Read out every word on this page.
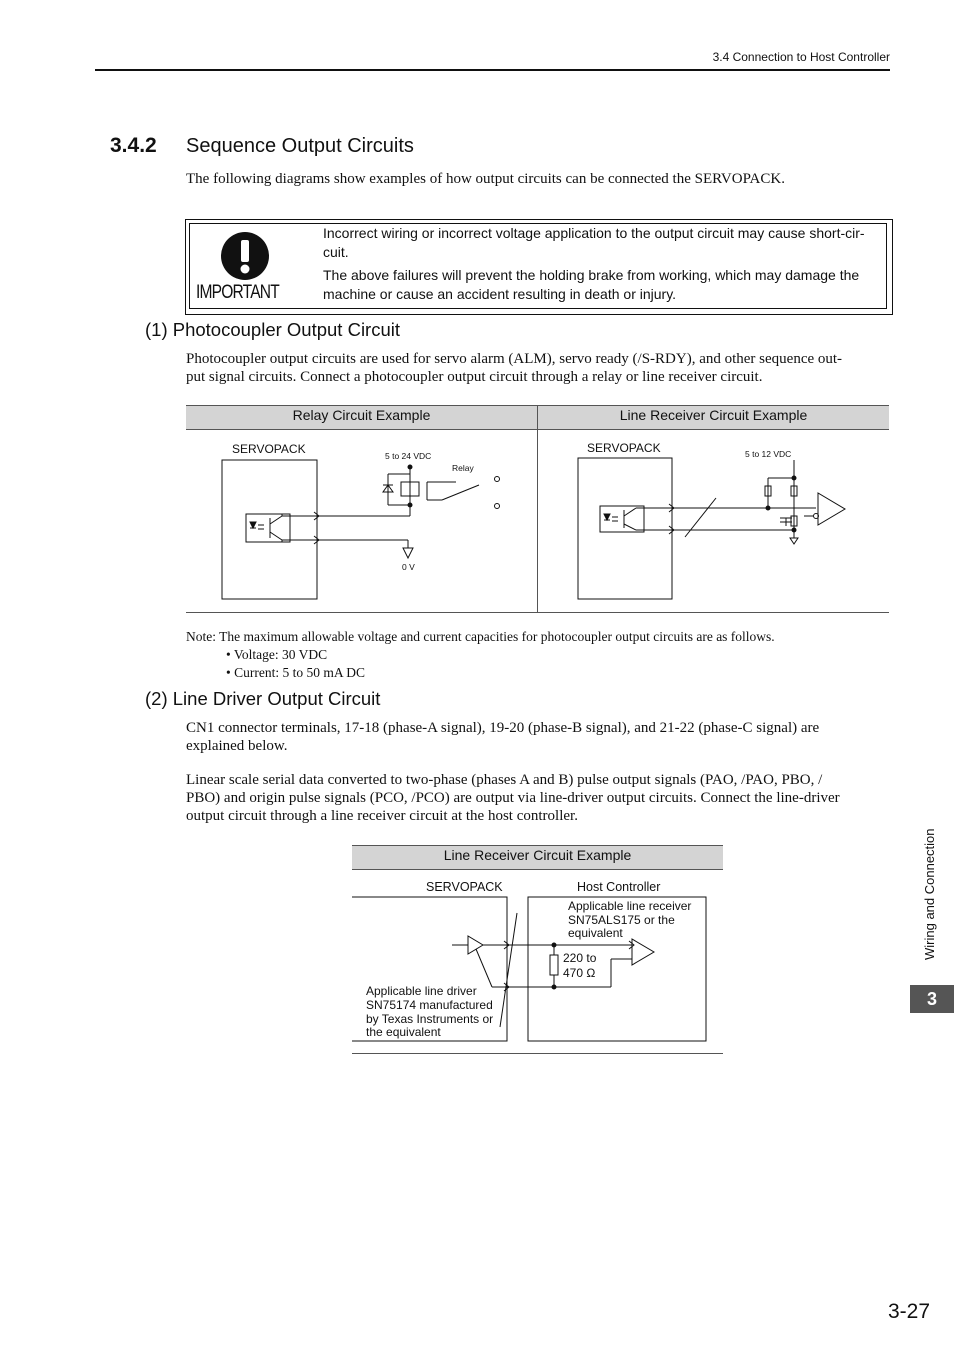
3.4 Connection to Host Controller
3.4.2 Sequence Output Circuits
The following diagrams show examples of how output circuits can be connected the SERVOPACK.
IMPORTANT
Incorrect wiring or incorrect voltage application to the output circuit may cause short-cir-
cuit.
The above failures will prevent the holding brake from working, which may damage the
machine or cause an accident resulting in death or injury.
(1) Photocoupler Output Circuit
Photocoupler output circuits are used for servo alarm (ALM), servo ready (/S-RDY), and other sequence out-
put signal circuits. Connect a photocoupler output circuit through a relay or line receiver circuit.
Relay Circuit Example	Line Receiver Circuit Example
SERVOPACK	5 to 24 VDC
Relay
0 V
SERVOPACK	5 to 12 VDC
Note: The maximum allowable voltage and current capacities for photocoupler output circuits are as follows.
• Voltage: 30 VDC
• Current: 5 to 50 mA DC
(2) Line Driver Output Circuit
CN1 connector terminals, 17-18 (phase-A signal), 19-20 (phase-B signal), and 21-22 (phase-C signal) are
explained below.
Linear scale serial data converted to two-phase (phases A and B) pulse output signals (PAO, /PAO, PBO, /
PBO) and origin pulse signals (PCO, /PCO) are output via line-driver output circuits. Connect the line-driver
output circuit through a line receiver circuit at the host controller.
Line Receiver Circuit Example
SERVOPACK	Host Controller
Applicable line receiver
SN75ALS175 or the
equivalent
220 to
470 Ω
Applicable line driver
SN75174 manufactured
by Texas Instruments or
the equivalent
Wiring and Connection
3
3-27
